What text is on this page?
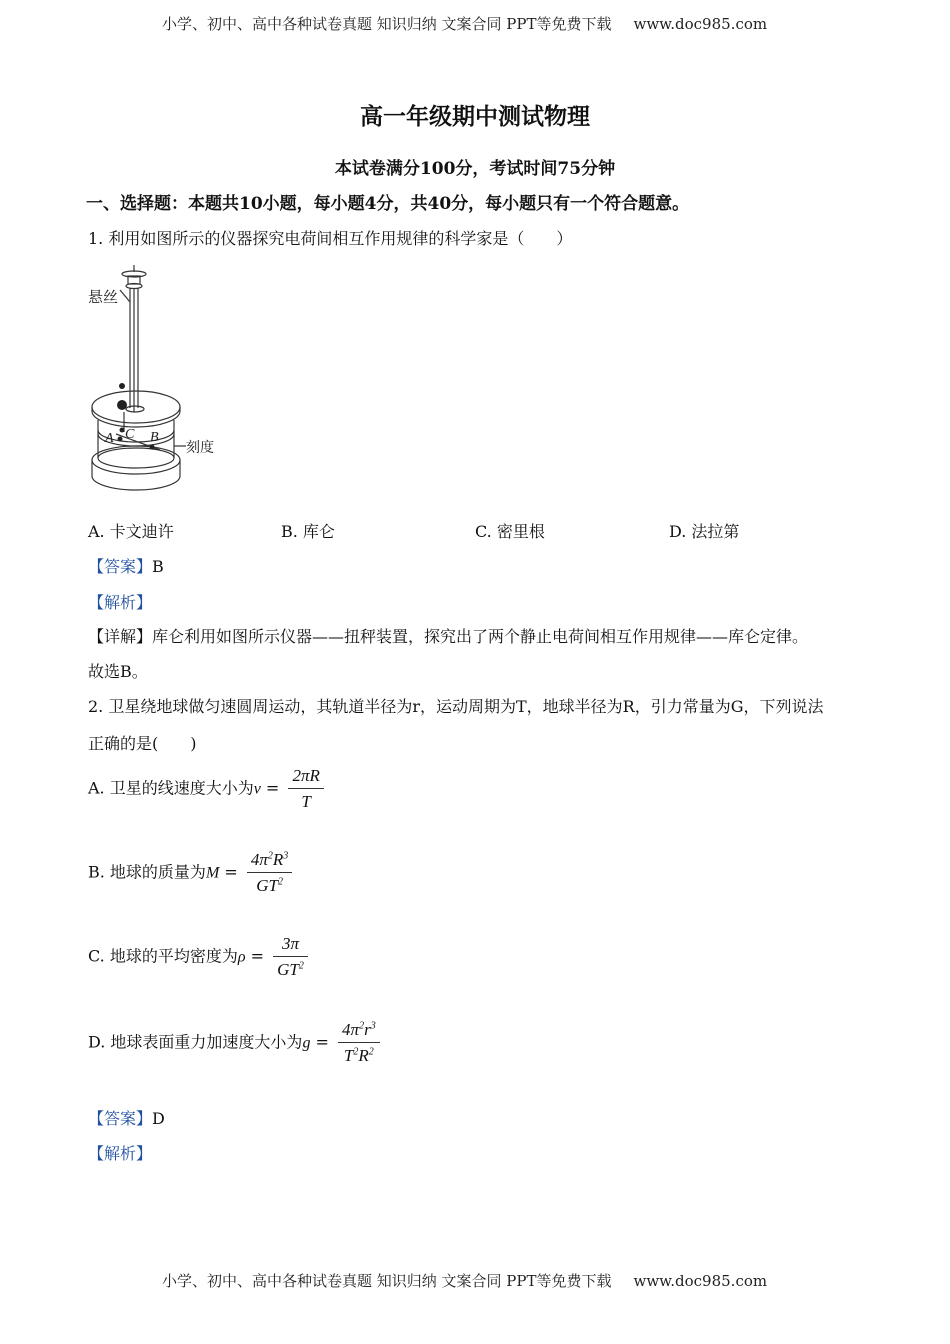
小学、初中、高中各种试卷真题 知识归纳 文案合同 PPT等免费下载 www.doc985.com
高一年级期中测试物理
本试卷满分100分，考试时间75分钟
一、选择题：本题共10小题，每小题4分，共40分，每小题只有一个符合题意。
1. 利用如图所示的仪器探究电荷间相互作用规律的科学家是（　　）
悬丝
刻度
A C B
A. 卡文迪许	B. 库仑	C. 密里根	D. 法拉第
【答案】B
【解析】
【详解】库仑利用如图所示仪器——扭秤装置，探究出了两个静止电荷间相互作用规律——库仑定律。
故选B。
2. 卫星绕地球做匀速圆周运动，其轨道半径为r，运动周期为T，地球半径为R，引力常量为G，下列说法
正确的是(　　)
A. 卫星的线速度大小为$v = \frac{2\pi R}{T}$
B. 地球的质量为$M = \frac{4\pi^2R^3}{GT^2}$
C. 地球的平均密度为$\rho = \frac{3\pi}{GT^2}$
D. 地球表面重力加速度大小为$g = \frac{4\pi^2r^3}{T^2R^2}$
【答案】D
【解析】
小学、初中、高中各种试卷真题 知识归纳 文案合同 PPT等免费下载 www.doc985.com
